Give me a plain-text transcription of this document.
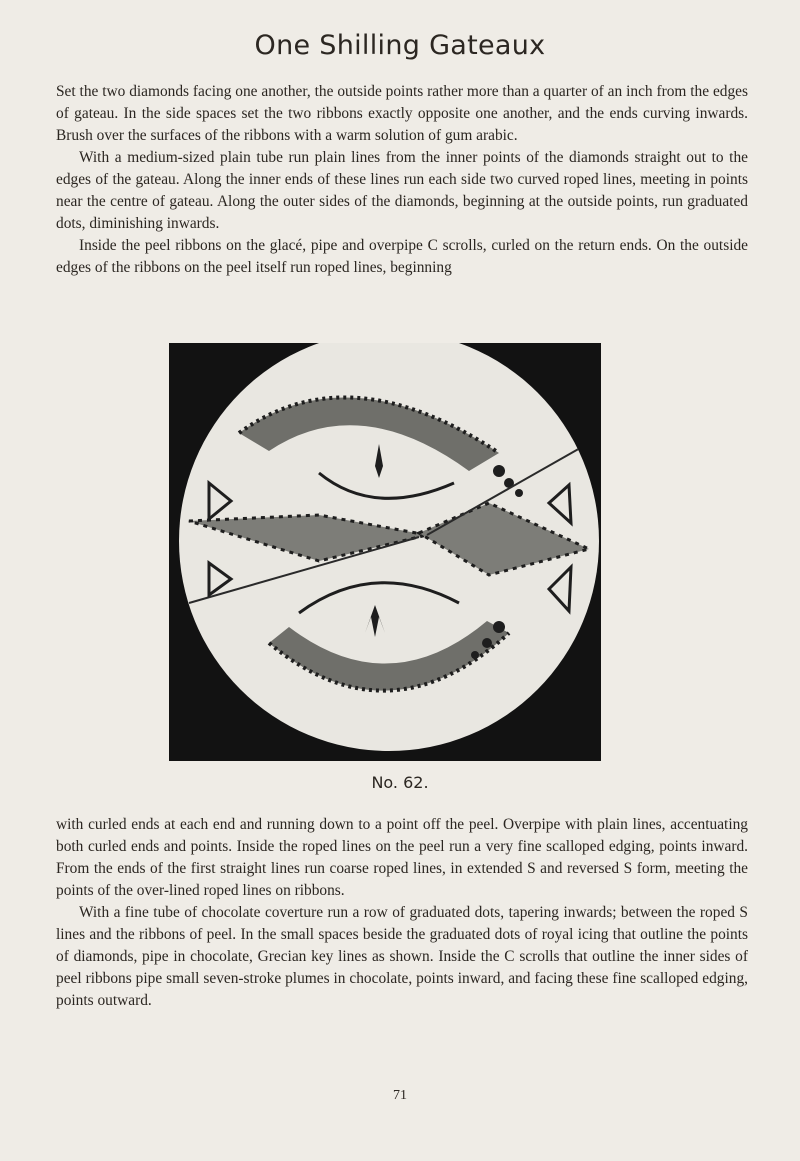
One Shilling Gateaux

Set the two diamonds facing one another, the outside points rather more than a quarter of an inch from the edges of gateau. In the side spaces set the two ribbons exactly opposite one another, and the ends curving inwards. Brush over the surfaces of the ribbons with a warm solution of gum arabic.

With a medium-sized plain tube run plain lines from the inner points of the diamonds straight out to the edges of the gateau. Along the inner ends of these lines run each side two curved roped lines, meeting in points near the centre of gateau. Along the outer sides of the diamonds, beginning at the outside points, run graduated dots, diminishing inwards.

Inside the peel ribbons on the glacé, pipe and overpipe C scrolls, curled on the return ends. On the outside edges of the ribbons on the peel itself run roped lines, beginning

No. 62.

with curled ends at each end and running down to a point off the peel. Overpipe with plain lines, accentuating both curled ends and points. Inside the roped lines on the peel run a very fine scalloped edging, points inward. From the ends of the first straight lines run coarse roped lines, in extended S and reversed S form, meeting the points of the over-lined roped lines on ribbons.

With a fine tube of chocolate coverture run a row of graduated dots, tapering inwards; between the roped S lines and the ribbons of peel. In the small spaces beside the graduated dots of royal icing that outline the points of diamonds, pipe in chocolate, Grecian key lines as shown. Inside the C scrolls that outline the inner sides of peel ribbons pipe small seven-stroke plumes in chocolate, points inward, and facing these fine scalloped edging, points outward.

71
